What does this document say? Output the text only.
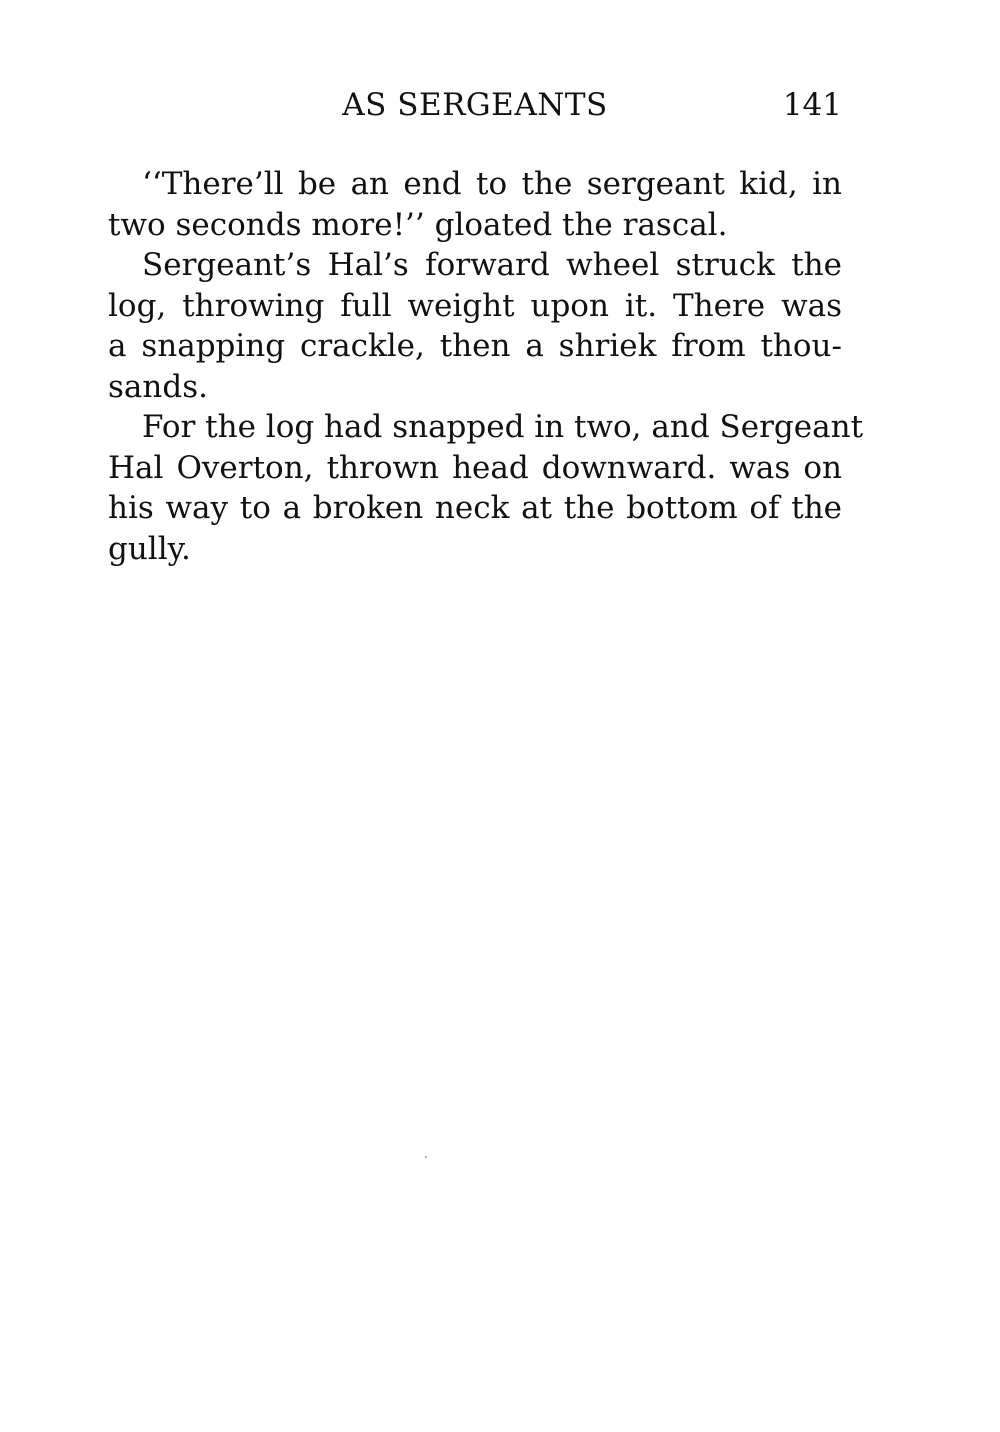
AS SERGEANTS	141
‘‘There’ll be an end to the sergeant kid, in
two seconds more!’’ gloated the rascal.
Sergeant’s Hal’s forward wheel struck the
log, throwing full weight upon it. There was
a snapping crackle, then a shriek from thou-
sands.
For the log had snapped in two, and Sergeant
Hal Overton, thrown head downward. was on
his way to a broken neck at the bottom of the
gully.
